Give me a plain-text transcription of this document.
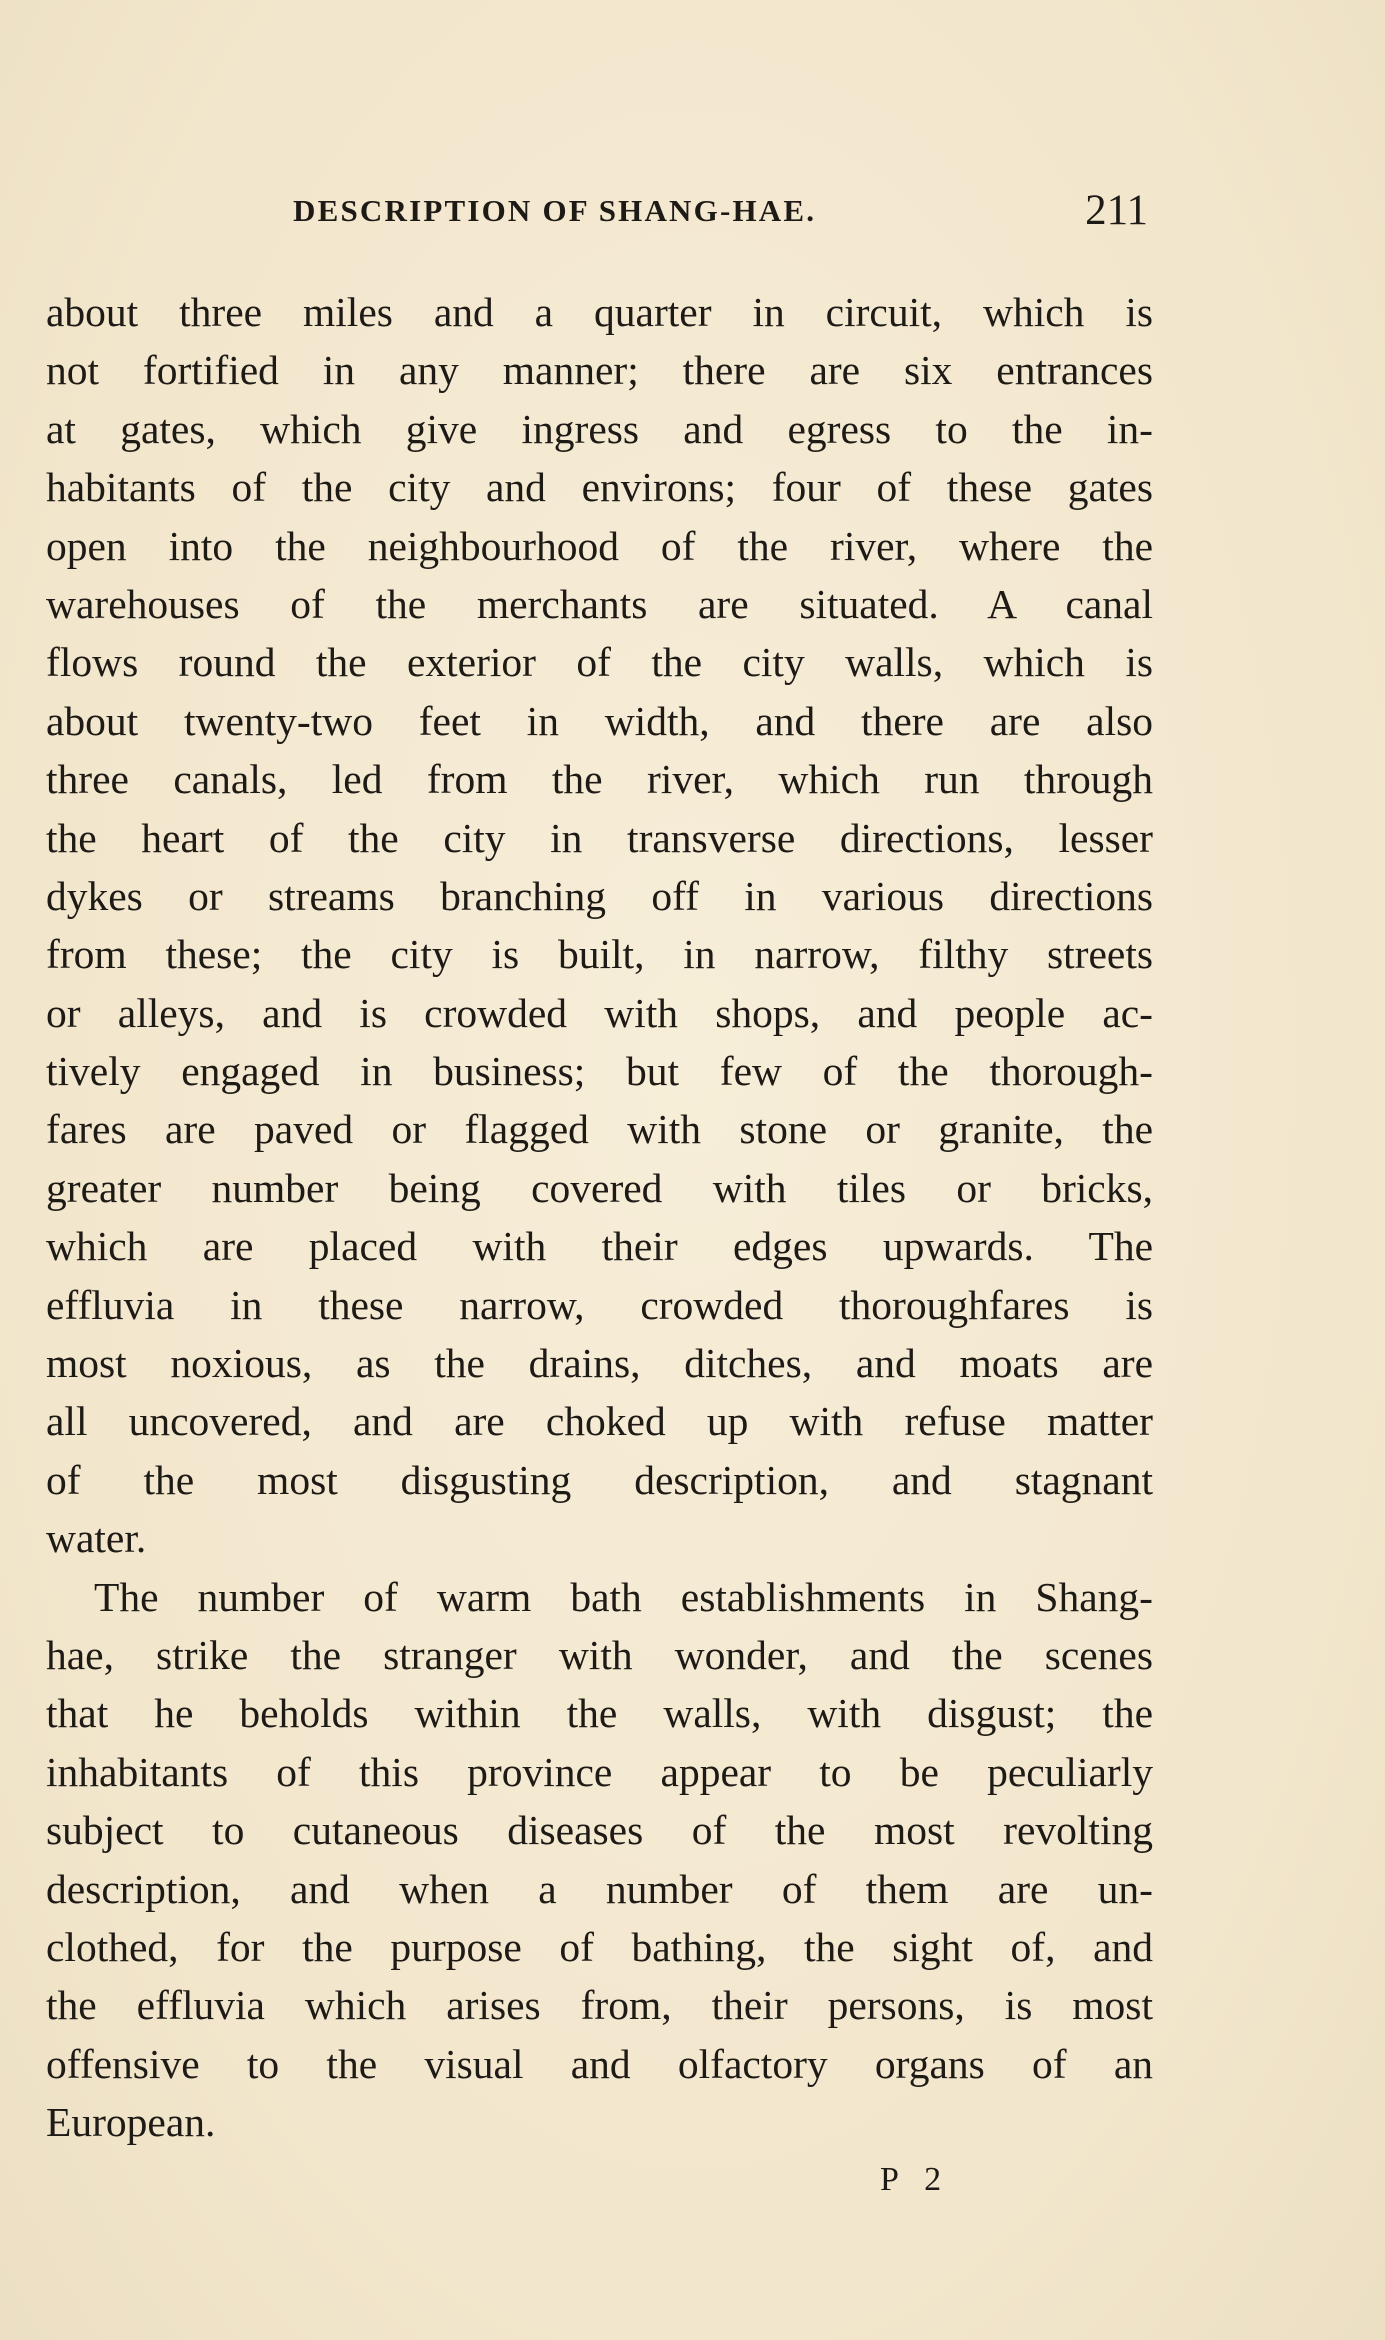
DESCRIPTION OF SHANG-HAE.	211
about three miles and a quarter in circuit, which is
not fortified in any manner; there are six entrances
at gates, which give ingress and egress to the in-
habitants of the city and environs; four of these gates
open into the neighbourhood of the river, where the
warehouses of the merchants are situated. A canal
flows round the exterior of the city walls, which is
about twenty-two feet in width, and there are also
three canals, led from the river, which run through
the heart of the city in transverse directions, lesser
dykes or streams branching off in various directions
from these; the city is built, in narrow, filthy streets
or alleys, and is crowded with shops, and people ac-
tively engaged in business; but few of the thorough-
fares are paved or flagged with stone or granite, the
greater number being covered with tiles or bricks,
which are placed with their edges upwards. The
effluvia in these narrow, crowded thoroughfares is
most noxious, as the drains, ditches, and moats are
all uncovered, and are choked up with refuse matter
of the most disgusting description, and stagnant
water.
The number of warm bath establishments in Shang-
hae, strike the stranger with wonder, and the scenes
that he beholds within the walls, with disgust; the
inhabitants of this province appear to be peculiarly
subject to cutaneous diseases of the most revolting
description, and when a number of them are un-
clothed, for the purpose of bathing, the sight of, and
the effluvia which arises from, their persons, is most
offensive to the visual and olfactory organs of an
European.
P 2
